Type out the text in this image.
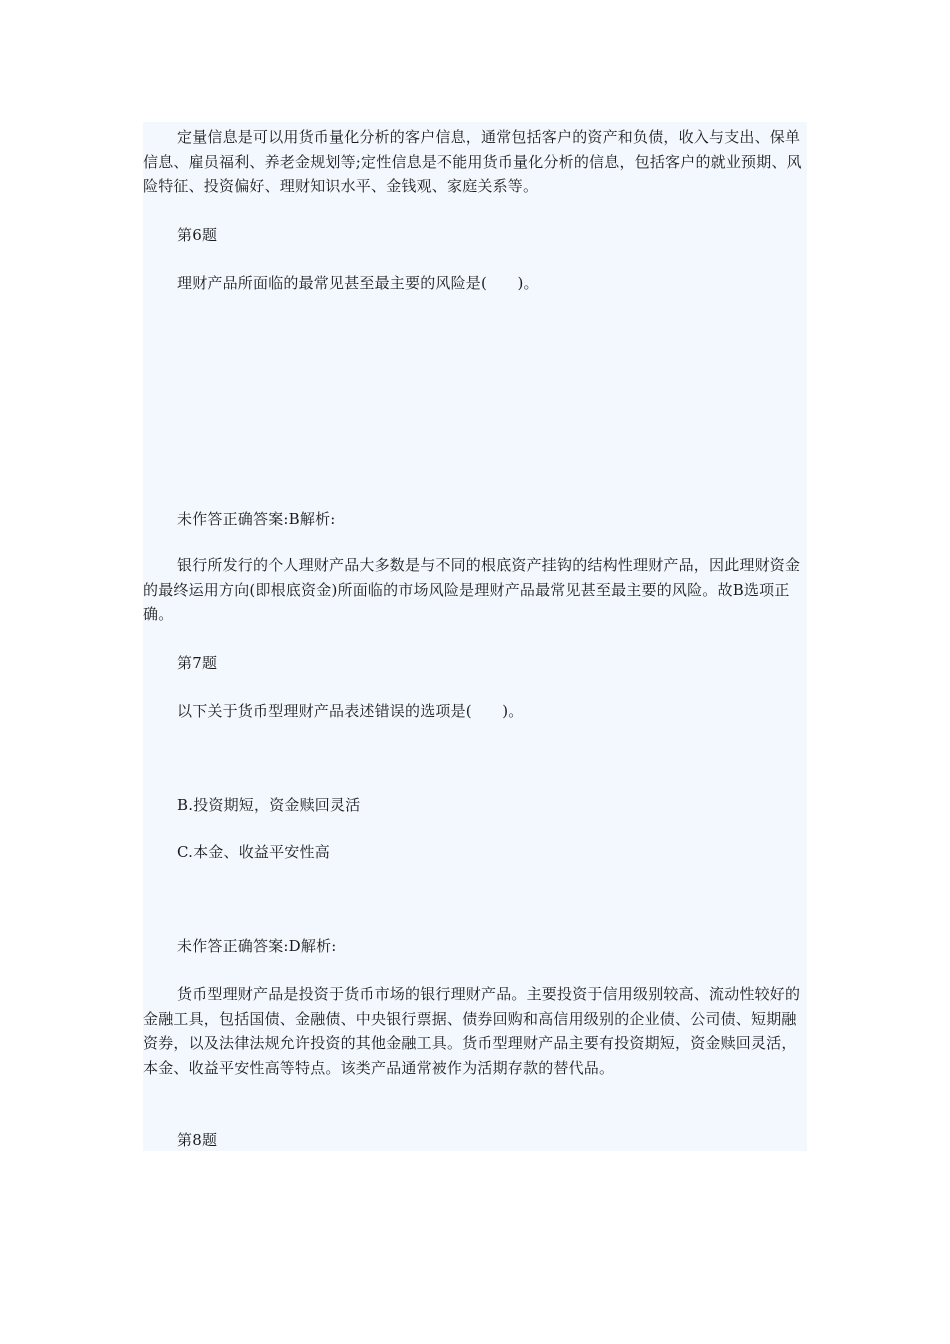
定量信息是可以用货币量化分析的客户信息，通常包括客户的资产和负债，收入与支出、保单信息、雇员福利、养老金规划等;定性信息是不能用货币量化分析的信息，包括客户的就业预期、风险特征、投资偏好、理财知识水平、金钱观、家庭关系等。

第6题

理财产品所面临的最常见甚至最主要的风险是(　　)。

未作答正确答案:B解析:

银行所发行的个人理财产品大多数是与不同的根底资产挂钩的结构性理财产品，因此理财资金的最终运用方向(即根底资金)所面临的市场风险是理财产品最常见甚至最主要的风险。故B选项正确。

第7题

以下关于货币型理财产品表述错误的选项是(　　)。

B.投资期短，资金赎回灵活

C.本金、收益平安性高

未作答正确答案:D解析:

货币型理财产品是投资于货币市场的银行理财产品。主要投资于信用级别较高、流动性较好的金融工具，包括国债、金融债、中央银行票据、债券回购和高信用级别的企业债、公司债、短期融资券，以及法律法规允许投资的其他金融工具。货币型理财产品主要有投资期短，资金赎回灵活，本金、收益平安性高等特点。该类产品通常被作为活期存款的替代品。

第8题
